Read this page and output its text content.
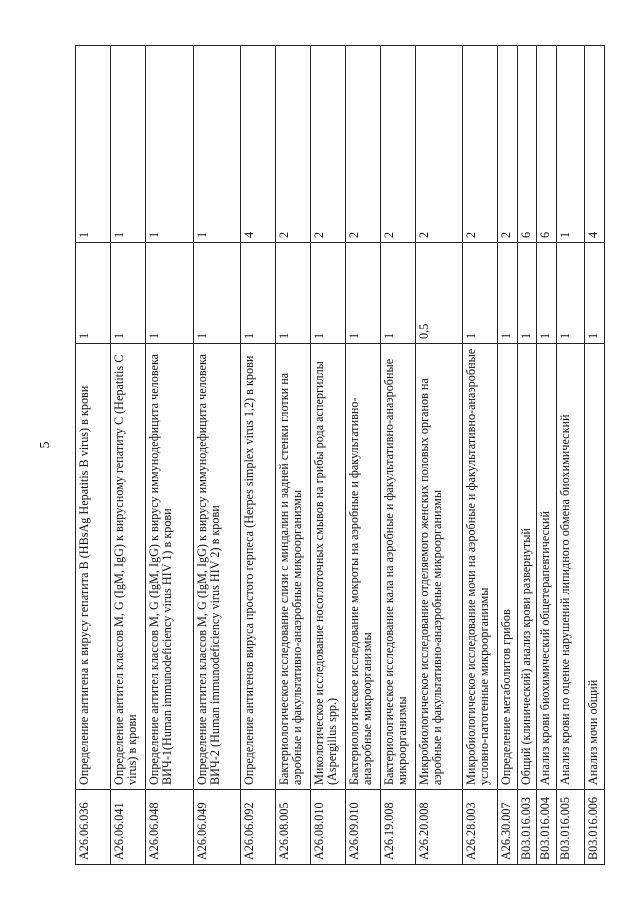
5
A26.06.036	Определение антигена к вирусу гепатита В (HBsAg Hepatitis B virus) в крови	1	1
A26.06.041	Определение антител классов M, G (IgM, IgG) к вирусному гепатиту C (Hepatitis C virus) в крови	1	1
A26.06.048	Определение антител классов M, G (IgM, IgG) к вирусу иммунодефицита человека ВИЧ-1(Human immunodeficiency virus HIV 1) в крови	1	1
A26.06.049	Определение антител классов M, G (IgM, IgG) к вирусу иммунодефицита человека ВИЧ-2 (Human immunodeficiency virus HIV 2) в крови	1	1
A26.06.092	Определение антигенов вируса простого герпеса (Herpes simplex virus 1,2) в крови	1	4
A26.08.005	Бактериологическое исследование слизи с миндалин и задней стенки глотки на аэробные и факультативно-анаэробные микроорганизмы	1	2
A26.08.010	Микологическое исследование носоглоточных смывов на грибы рода аспергиллы (Aspergillus spp.)	1	2
A26.09.010	Бактериологическое исследование мокроты на аэробные и факультативно-анаэробные микроорганизмы	1	2
A26.19.008	Бактериологическое исследование кала на аэробные и факультативно-анаэробные микроорганизмы	1	2
A26.20.008	Микробиологическое исследование отделяемого женских половых органов на аэробные и факультативно-анаэробные микроорганизмы	0,5	2
A26.28.003	Микробиологическое исследование мочи на аэробные и факультативно-анаэробные условно-патогенные микроорганизмы	1	2
A26.30.007	Определение метаболитов грибов	1	2
B03.016.003	Общий (клинический) анализ крови развернутый	1	6
B03.016.004	Анализ крови биохимический общетерапевтический	1	6
B03.016.005	Анализ крови по оценке нарушений липидного обмена биохимический	1	1
B03.016.006	Анализ мочи общий	1	4
